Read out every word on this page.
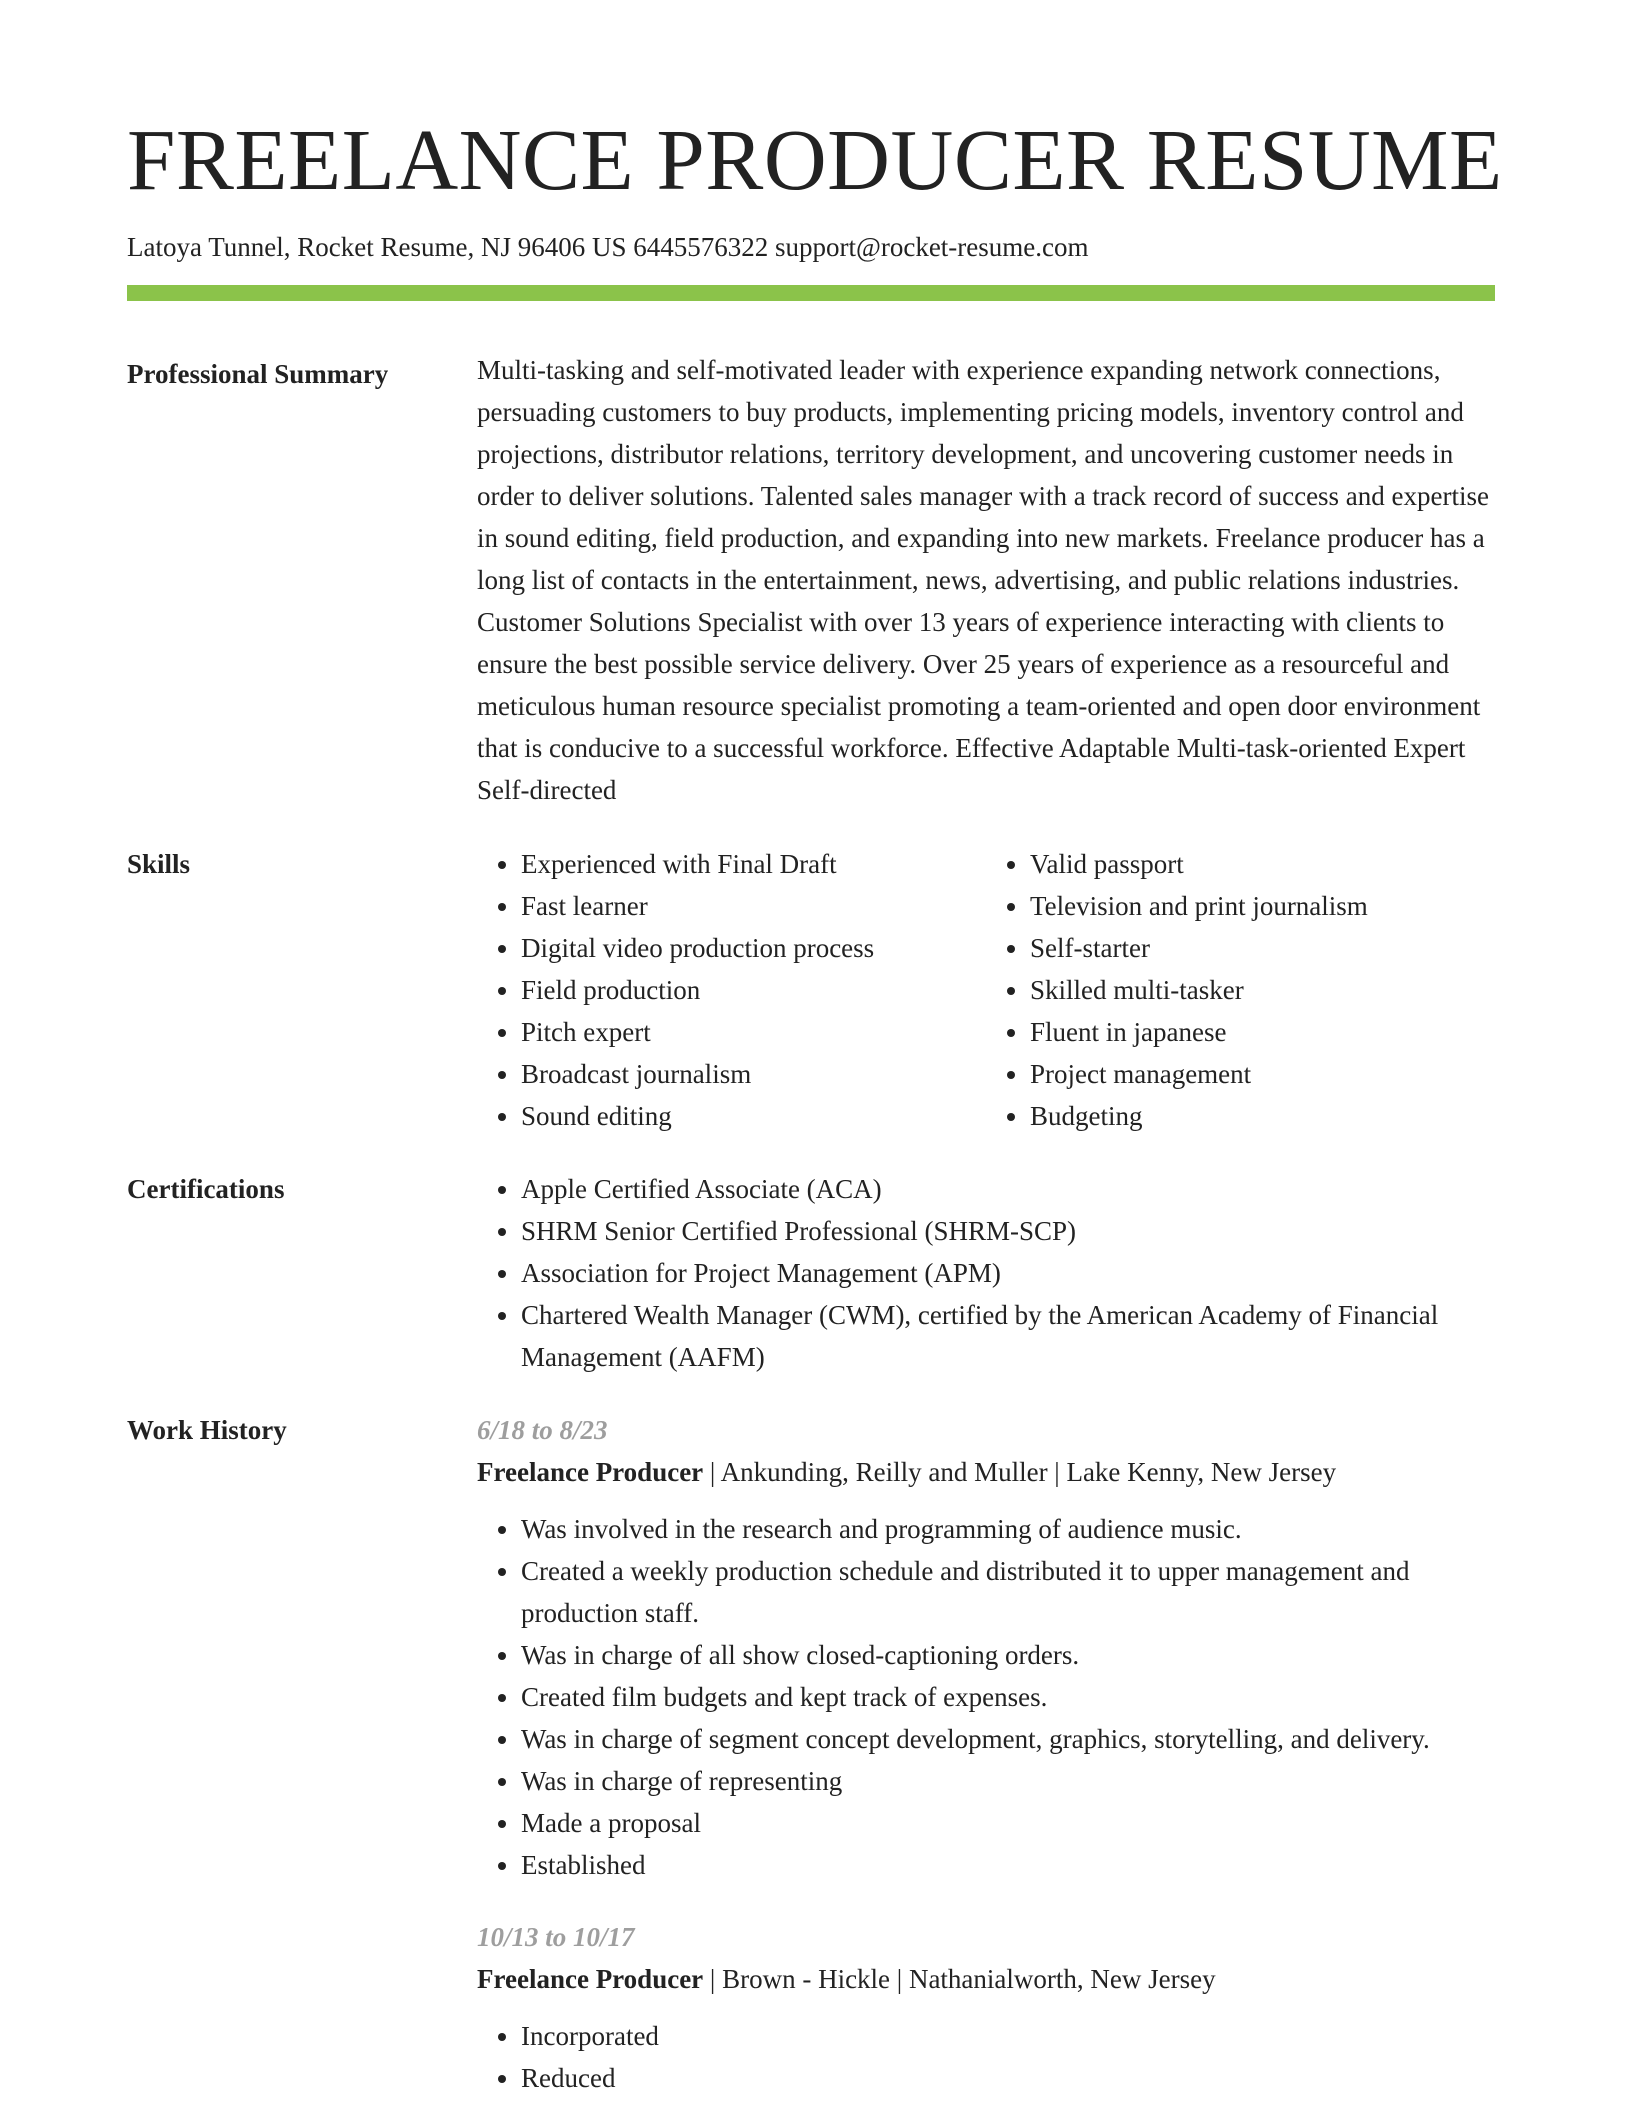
FREELANCE PRODUCER RESUME
Latoya Tunnel, Rocket Resume, NJ 96406 US 6445576322 support@rocket-resume.com
Professional Summary	Multi-tasking and self-motivated leader with experience expanding network connections, persuading customers to buy products, implementing pricing models, inventory control and projections, distributor relations, territory development, and uncovering customer needs in order to deliver solutions. Talented sales manager with a track record of success and expertise in sound editing, field production, and expanding into new markets. Freelance producer has a long list of contacts in the entertainment, news, advertising, and public relations industries. Customer Solutions Specialist with over 13 years of experience interacting with clients to ensure the best possible service delivery. Over 25 years of experience as a resourceful and meticulous human resource specialist promoting a team-oriented and open door environment that is conducive to a successful workforce. Effective Adaptable Multi-task-oriented Expert Self-directed

Skills	• Experienced with Final Draft
• Fast learner
• Digital video production process
• Field production
• Pitch expert
• Broadcast journalism
• Sound editing
• Valid passport
• Television and print journalism
• Self-starter
• Skilled multi-tasker
• Fluent in japanese
• Project management
• Budgeting
Certifications	• Apple Certified Associate (ACA)
• SHRM Senior Certified Professional (SHRM-SCP)
• Association for Project Management (APM)
• Chartered Wealth Manager (CWM), certified by the American Academy of Financial Management (AAFM)
Work History	6/18 to 8/23
Freelance Producer | Ankunding, Reilly and Muller | Lake Kenny, New Jersey
• Was involved in the research and programming of audience music.
• Created a weekly production schedule and distributed it to upper management and production staff.
• Was in charge of all show closed-captioning orders.
• Created film budgets and kept track of expenses.
• Was in charge of segment concept development, graphics, storytelling, and delivery.
• Was in charge of representing
• Made a proposal
• Established
10/13 to 10/17
Freelance Producer | Brown - Hickle | Nathanialworth, New Jersey
• Incorporated
• Reduced
